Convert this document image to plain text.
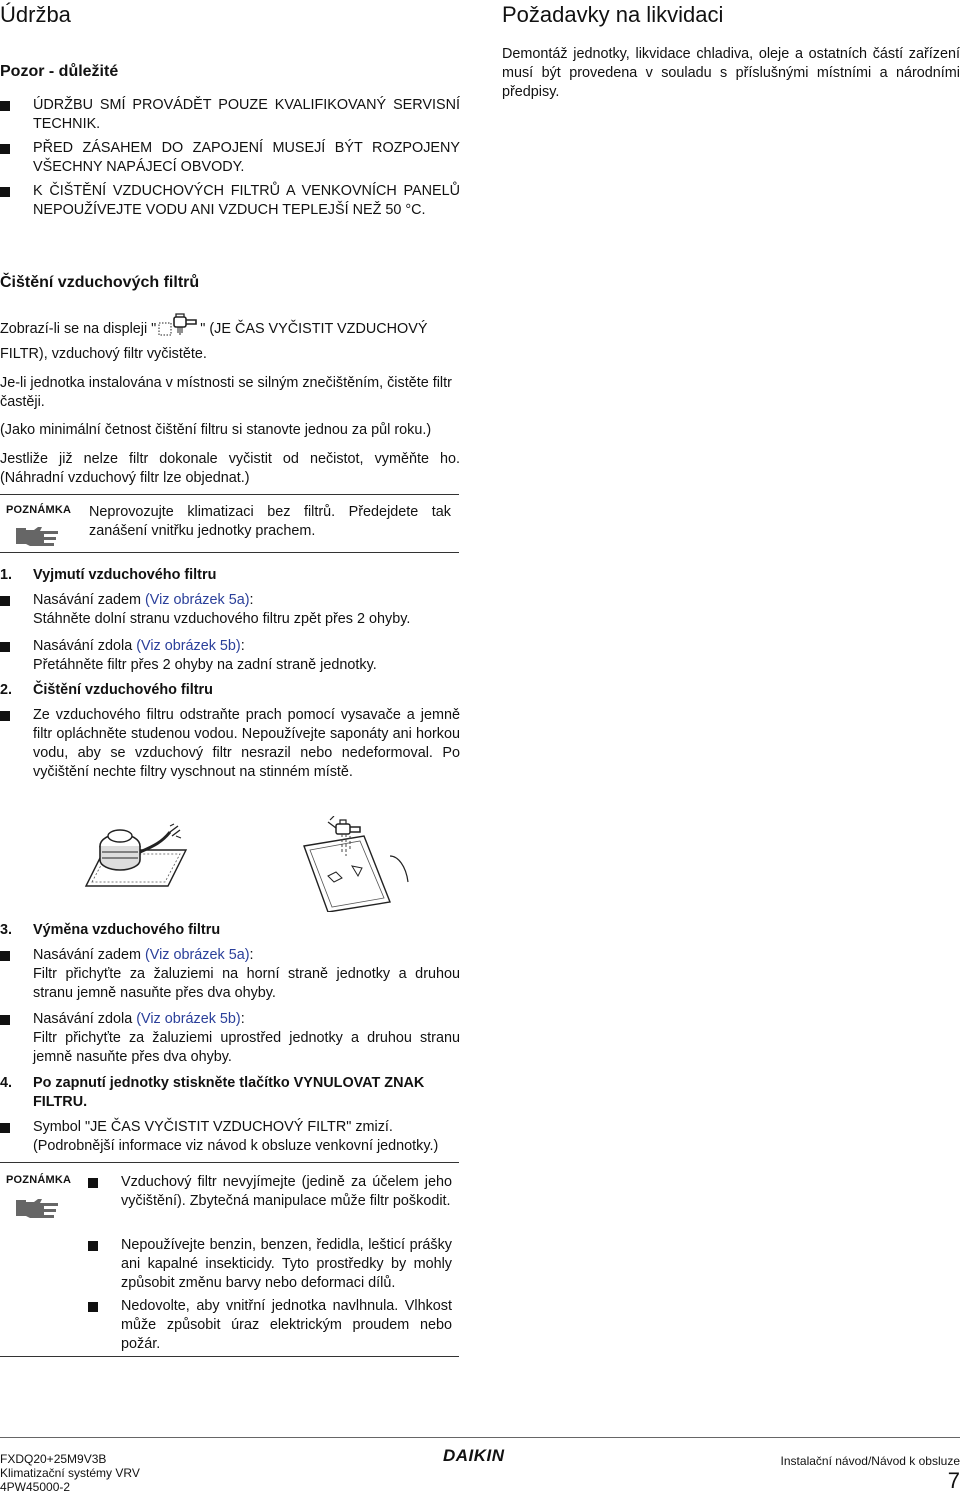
Údržba
Pozor - důležité

ÚDRŽBU SMÍ PROVÁDĚT POUZE KVALIFIKOVANÝ SERVISNÍ TECHNIK.

PŘED ZÁSAHEM DO ZAPOJENÍ MUSEJÍ BÝT ROZPOJENY VŠECHNY NAPÁJECÍ OBVODY.

K ČIŠTĚNÍ VZDUCHOVÝCH FILTRŮ A VENKOVNÍCH PANELŮ NEPOUŽÍVEJTE VODU ANI VZDUCH TEPLEJŠÍ NEŽ 50 °C.

Čištění vzduchových filtrů
Zobrazí-li se na displeji "	" (JE ČAS VYČISTIT VZDUCHOVÝ

FILTR), vzduchový filtr vyčistěte.

Je-li jednotka instalována v místnosti se silným znečištěním, čistěte filtr častěji.

(Jako minimální četnost čištění filtru si stanovte jednou za půl roku.)

Jestliže již nelze filtr dokonale vyčistit od nečistot, vyměňte ho. (Náhradní vzduchový filtr lze objednat.)

POZNÁMKA Neprovozujte klimatizaci bez filtrů. Předejdete tak zanášení vnitřku jednotky prachem.

1. Vyjmutí vzduchového filtru

Nasávání zadem (Viz obrázek 5a):

Stáhněte dolní stranu vzduchového filtru zpět přes 2 ohyby.

Nasávání zdola (Viz obrázek 5b):

Přetáhněte filtr přes 2 ohyby na zadní straně jednotky.

2. Čištění vzduchového filtru

Ze vzduchového filtru odstraňte prach pomocí vysavače a jemně filtr opláchněte studenou vodou. Nepoužívejte saponáty ani horkou vodu, aby se vzduchový filtr nesrazil nebo nedeformoval. Po vyčištění nechte filtry vyschnout na stinném místě.

3. Výměna vzduchového filtru

Nasávání zadem (Viz obrázek 5a):

Filtr přichyťte za žaluziemi na horní straně jednotky a druhou stranu jemně nasuňte přes dva ohyby.

Nasávání zdola (Viz obrázek 5b):

Filtr přichyťte za žaluziemi uprostřed jednotky a druhou stranu jemně nasuňte přes dva ohyby.

4. Po zapnutí jednotky stiskněte tlačítko VYNULOVAT ZNAK FILTRU.

Symbol "JE ČAS VYČISTIT VZDUCHOVÝ FILTR" zmizí. (Podrobnější informace viz návod k obsluze venkovní jednotky.)

POZNÁMKA	Vzduchový filtr nevyjímejte (jedině za účelem jeho vyčištění). Zbytečná manipulace může filtr poškodit.

Nepoužívejte benzin, benzen, ředidla, lešticí prášky ani kapalné insekticidy. Tyto prostředky by mohly způsobit změnu barvy nebo deformaci dílů.

Nedovolte, aby vnitřní jednotka navlhnula. Vlhkost může způsobit úraz elektrickým proudem nebo požár.

Požadavky na likvidaci

Demontáž jednotky, likvidace chladiva, oleje a ostatních částí zařízení musí být provedena v souladu s příslušnými místními a národními předpisy.

FXDQ20+25M9V3B
Klimatizační systémy VRV
4PW45000-2
DAIKIN	Instalační návod/Návod k obsluze
7
